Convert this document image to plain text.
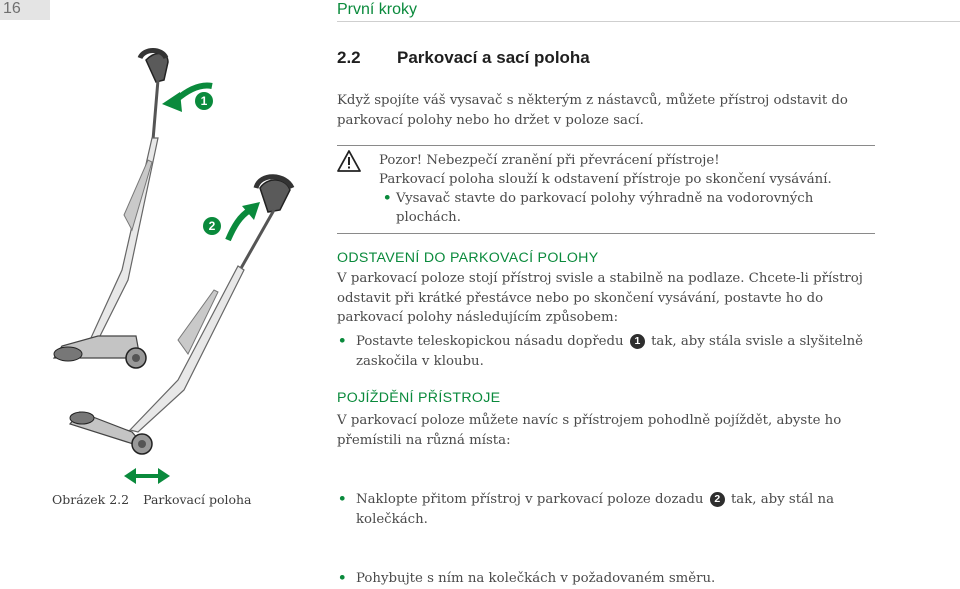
16	První kroky
1
2
Obrázek 2.2 Parkovací poloha
2.2 Parkovací a sací poloha
Když spojíte váš vysavač s některým z nástavců, můžete přístroj odstavit do parkovací polohy nebo ho držet v poloze sací.
Pozor! Nebezpečí zranění při převrácení přístroje!
Parkovací poloha slouží k odstavení přístroje po skončení vysávání.
• Vysavač stavte do parkovací polohy výhradně na vodorovných plochách.
ODSTAVENÍ DO PARKOVACÍ POLOHY
V parkovací poloze stojí přístroj svisle a stabilně na podlaze. Chcete-li přístroj odstavit při krátké přestávce nebo po skončení vysávání, postavte ho do parkovací polohy následujícím způsobem:
• Postavte teleskopickou násadu dopředu 1 tak, aby stála svisle a slyšitelně zaskočila v kloubu.
POJÍŽDĚNÍ PŘÍSTROJE
V parkovací poloze můžete navíc s přístrojem pohodlně pojíždět, abyste ho přemístili na různá místa:
• Naklopte přitom přístroj v parkovací poloze dozadu 2 tak, aby stál na kolečkách.
• Pohybujte s ním na kolečkách v požadovaném směru.
